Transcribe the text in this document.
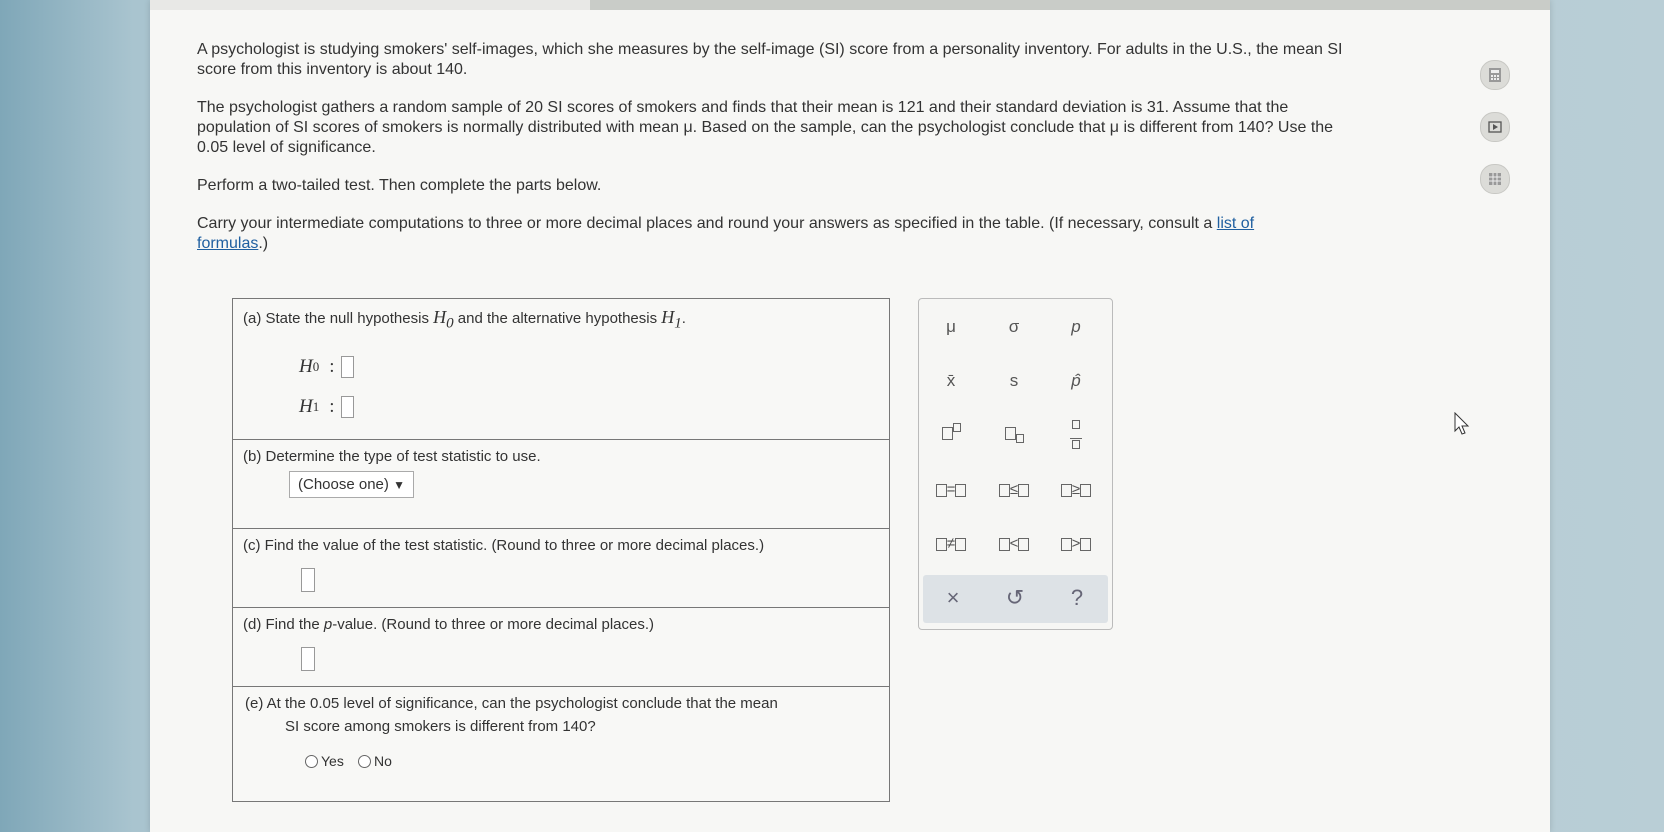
A psychologist is studying smokers' self-images, which she measures by the self-image (SI) score from a personality inventory. For adults in the U.S., the mean SI score from this inventory is about 140.

The psychologist gathers a random sample of 20 SI scores of smokers and finds that their mean is 121 and their standard deviation is 31. Assume that the population of SI scores of smokers is normally distributed with mean μ. Based on the sample, can the psychologist conclude that μ is different from 140? Use the 0.05 level of significance.

Perform a two-tailed test. Then complete the parts below.

Carry your intermediate computations to three or more decimal places and round your answers as specified in the table. (If necessary, consult a list of formulas.)

(a) State the null hypothesis $H_0$ and the alternative hypothesis $H_1$.
H 0 :
H 1 :
(b) Determine the type of test statistic to use.
(Choose one) ▼
(c) Find the value of the test statistic. (Round to three or more decimal places.)
(d) Find the p-value. (Round to three or more decimal places.)
(e) At the 0.05 level of significance, can the psychologist conclude that the mean
SI score among smokers is different from 140?
Yes
No
μ	σ	p
x̄	s	p̂

=	≤	≥
≠	<	>
×	↺	?
